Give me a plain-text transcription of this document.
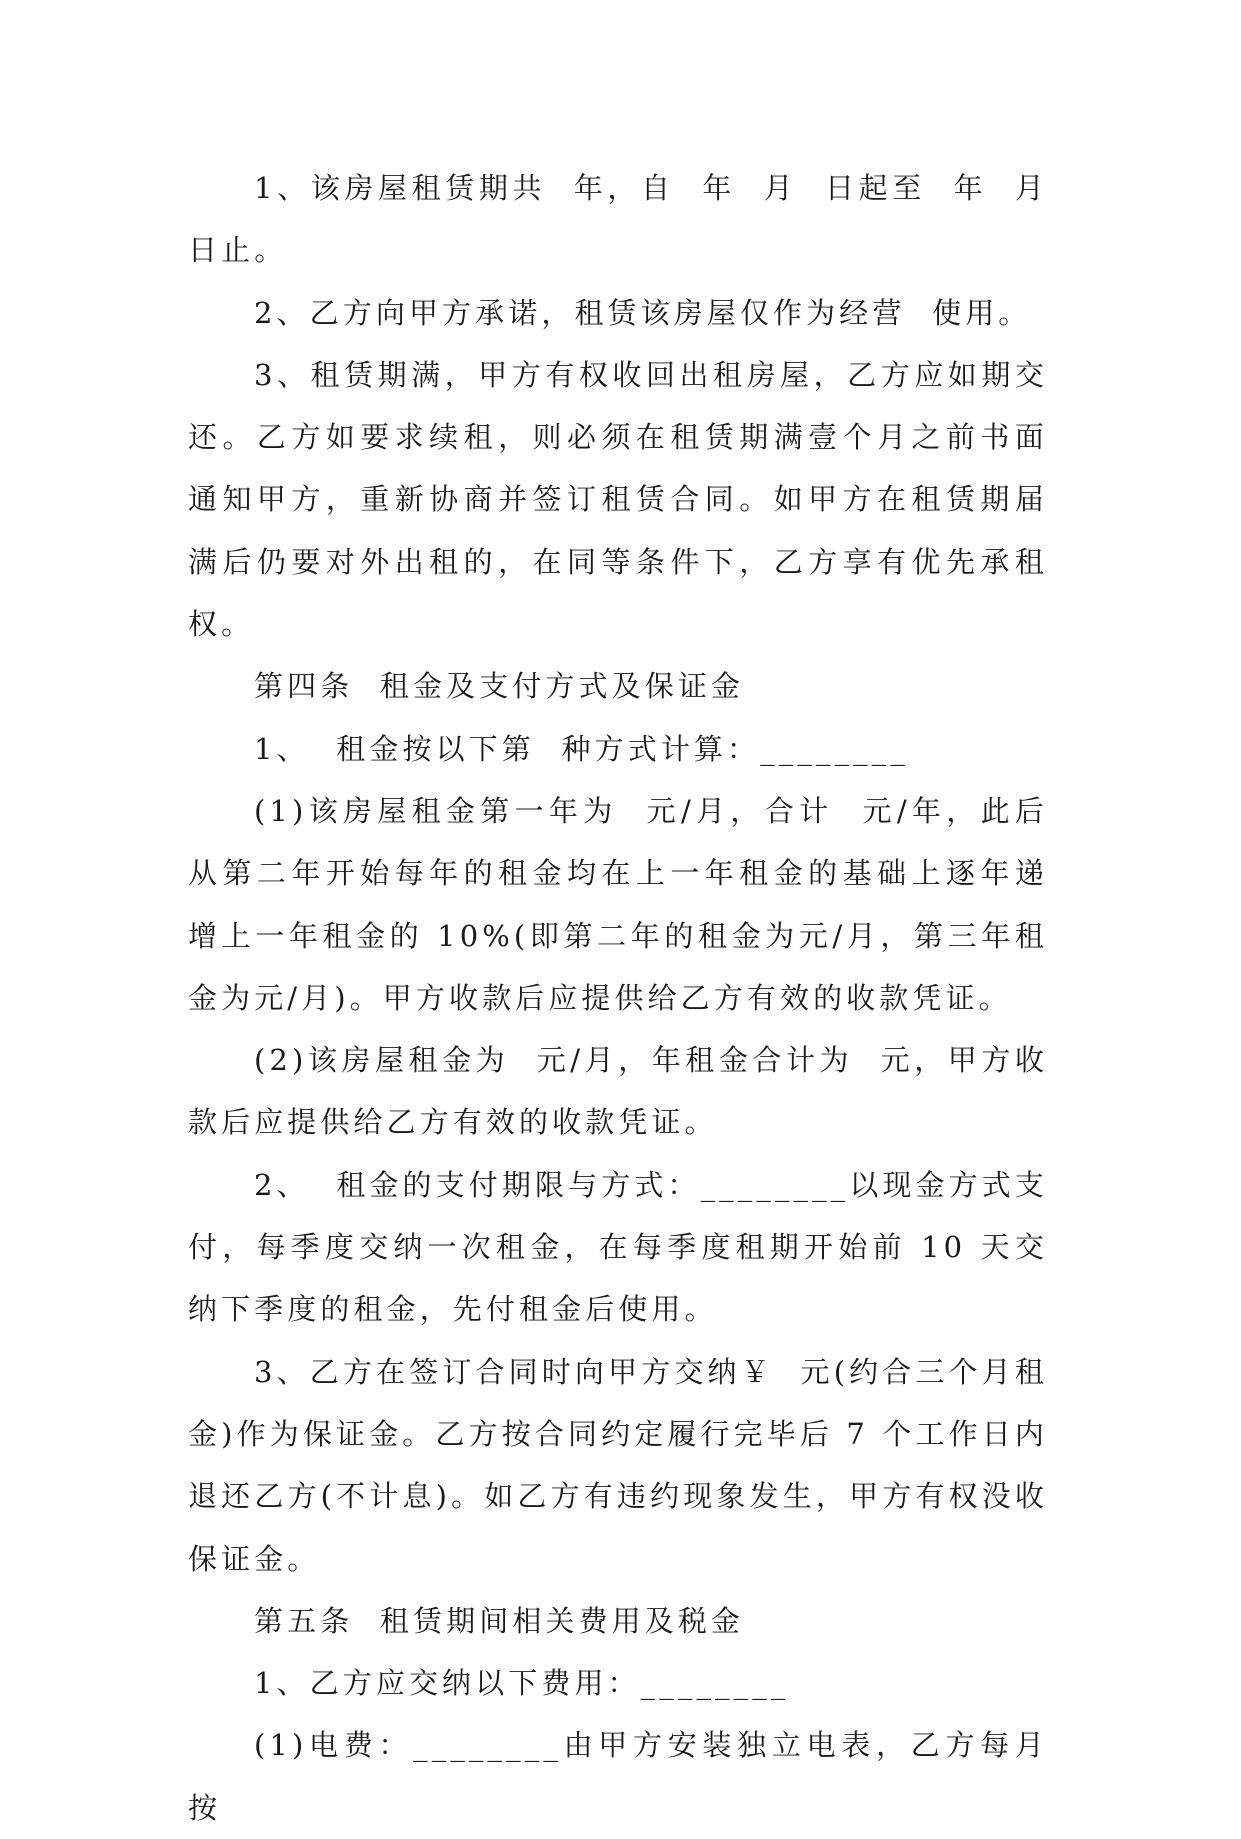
1、该房屋租赁期共  年，自  年  月  日起至  年  月  日止。

2、乙方向甲方承诺，租赁该房屋仅作为经营  使用。

3、租赁期满，甲方有权收回出租房屋，乙方应如期交还。乙方如要求续租，则必须在租赁期满壹个月之前书面通知甲方，重新协商并签订租赁合同。如甲方在租赁期届满后仍要对外出租的，在同等条件下，乙方享有优先承租权。

第四条  租金及支付方式及保证金

1、  租金按以下第  种方式计算：________

(1)该房屋租金第一年为  元/月，合计  元/年，此后从第二年开始每年的租金均在上一年租金的基础上逐年递增上一年租金的 10%(即第二年的租金为元/月，第三年租金为元/月)。甲方收款后应提供给乙方有效的收款凭证。

(2)该房屋租金为  元/月，年租金合计为  元，甲方收款后应提供给乙方有效的收款凭证。

2、  租金的支付期限与方式：________以现金方式支付，每季度交纳一次租金，在每季度租期开始前 10 天交纳下季度的租金，先付租金后使用。

3、乙方在签订合同时向甲方交纳￥  元(约合三个月租金)作为保证金。乙方按合同约定履行完毕后 7 个工作日内退还乙方(不计息)。如乙方有违约现象发生，甲方有权没收保证金。

第五条  租赁期间相关费用及税金

1、乙方应交纳以下费用：________

(1)电费：________由甲方安装独立电表，乙方每月按
